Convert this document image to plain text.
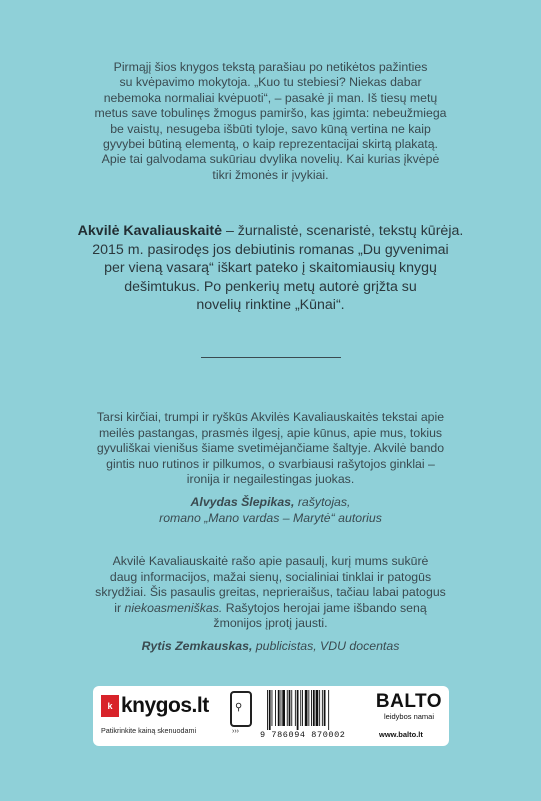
Pirmąjį šios knygos tekstą parašiau po netikėtos pažinties
su kvėpavimo mokytoja. „Kuo tu stebiesi? Niekas dabar
nebemoka normaliai kvėpuoti“, – pasakė ji man. Iš tiesų metų
metus save tobulinęs žmogus pamiršo, kas įgimta: nebeužmiega
be vaistų, nesugeba išbūti tyloje, savo kūną vertina ne kaip
gyvybei būtiną elementą, o kaip reprezentacijai skirtą plakatą.
Apie tai galvodama sukūriau dvylika novelių. Kai kurias įkvėpė
tikri žmonės ir įvykiai.
Akvilė Kavaliauskaitė – žurnalistė, scenaristė, tekstų kūrėja.
2015 m. pasirodęs jos debiutinis romanas „Du gyvenimai
per vieną vasarą“ iškart pateko į skaitomiausių knygų
dešimtukus. Po penkerių metų autorė grįžta su
novelių rinktine „Kūnai“.
Tarsi kirčiai, trumpi ir ryškūs Akvilės Kavaliauskaitės tekstai apie
meilės pastangas, prasmės ilgesį, apie kūnus, apie mus, tokius
gyvuliškai vienišus šiame svetimėjančiame šaltyje. Akvilė bando
gintis nuo rutinos ir pilkumos, o svarbiausi rašytojos ginklai –
ironija ir negailestingas juokas.
Alvydas Šlepikas, rašytojas,
romano „Mano vardas – Marytė“ autorius
Akvilė Kavaliauskaitė rašo apie pasaulį, kurį mums sukūrė
daug informacijos, mažai sienų, socialiniai tinklai ir patogūs
skrydžiai. Šis pasaulis greitas, neprieraišus, tačiau labai patogus
ir niekoasmeniškas. Rašytojos herojai jame išbando seną
žmonijos įprotį jausti.
Rytis Zemkauskas, publicistas, VDU docentas
k knygos.lt
Patikrinkite kainą skenuodami
⚲
››› 9 786094 870002
BALTO
leidybos namai
www.balto.lt
